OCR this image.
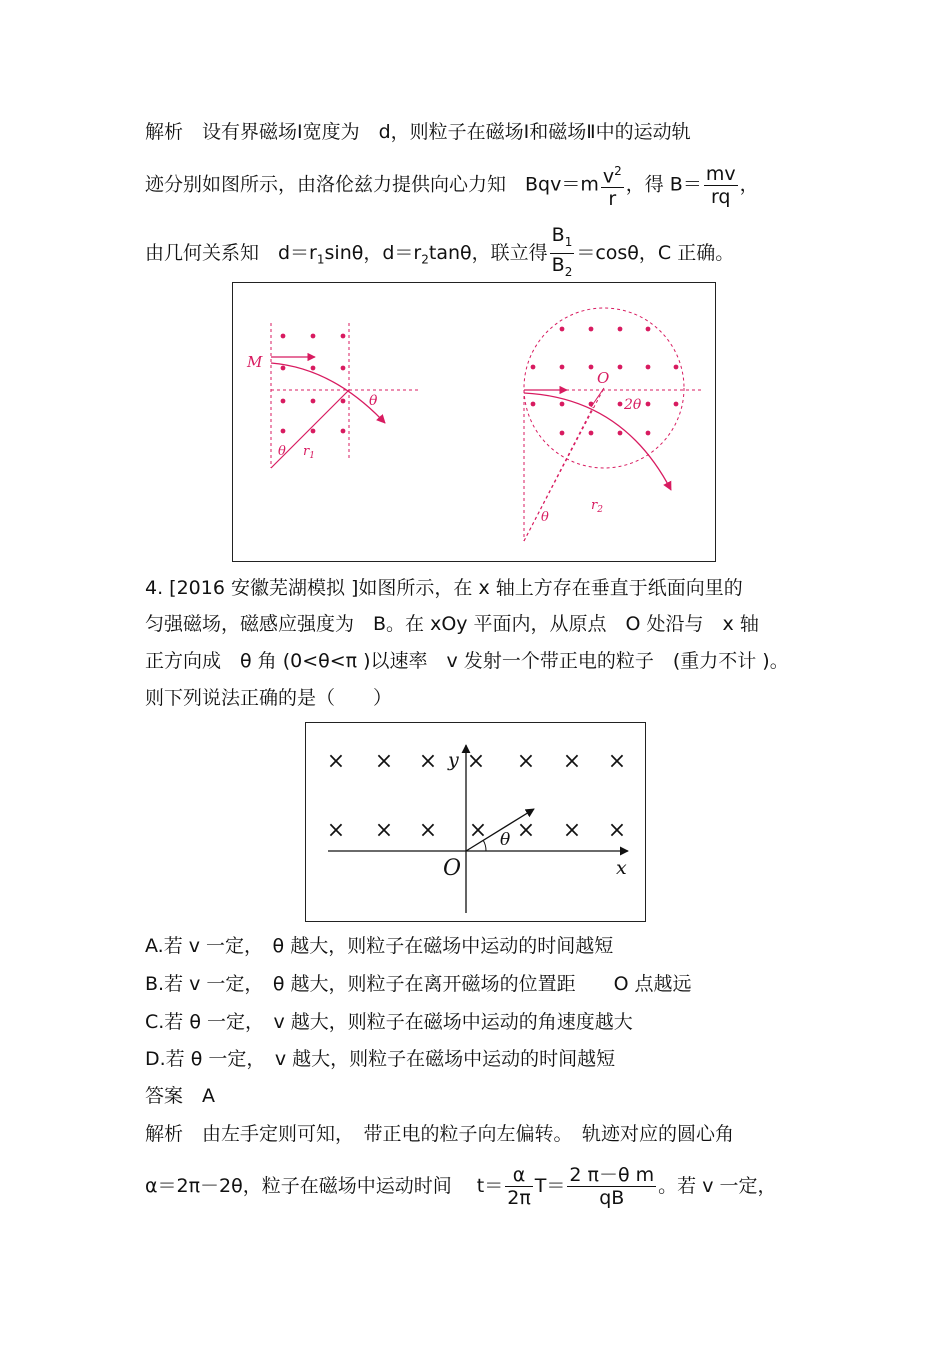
解析　设有界磁场Ⅰ宽度为　d，则粒子在磁场Ⅰ和磁场Ⅱ中的运动轨
迹分别如图所示，由洛伦兹力提供向心力知　$Bqv=m \frac{v^2}{r}$ ，得 $B= \frac{mv}{rq}$ ，
由几何关系知　$d=r_1\sin\theta$，$d=r_2\tan\theta$，联立得 $\frac{B_1}{B_2} =\cos\theta$，C 正确。
M
θ
θ $r_1$
O
2θ
θ
$r_2$
4. [2016 安徽芜湖模拟 ]如图所示，在 x 轴上方存在垂直于纸面向里的
匀强磁场，磁感应强度为　B。在 xOy 平面内，从原点　O 处沿与　x 轴
正方向成　θ 角 (0<θ<π )以速率　v 发射一个带正电的粒子　(重力不计 )。
则下列说法正确的是（　　）
× × × × × × ×
× × × × × × ×
y
x
O
θ
A.若 v 一定，　θ 越大，则粒子在磁场中运动的时间越短
B.若 v 一定，　θ 越大，则粒子在离开磁场的位置距　　O 点越远
C.若 θ 一定，　v 越大，则粒子在磁场中运动的角速度越大
D.若 θ 一定，　v 越大，则粒子在磁场中运动的时间越短
答案　A
解析　由左手定则可知，　带正电的粒子向左偏转。　轨迹对应的圆心角
α＝2π－2θ，粒子在磁场中运动时间　 $t= \frac{\alpha}{2\pi} T= \frac{\text{2 π－θ m}}{qB}$ 。若 v 一定，
